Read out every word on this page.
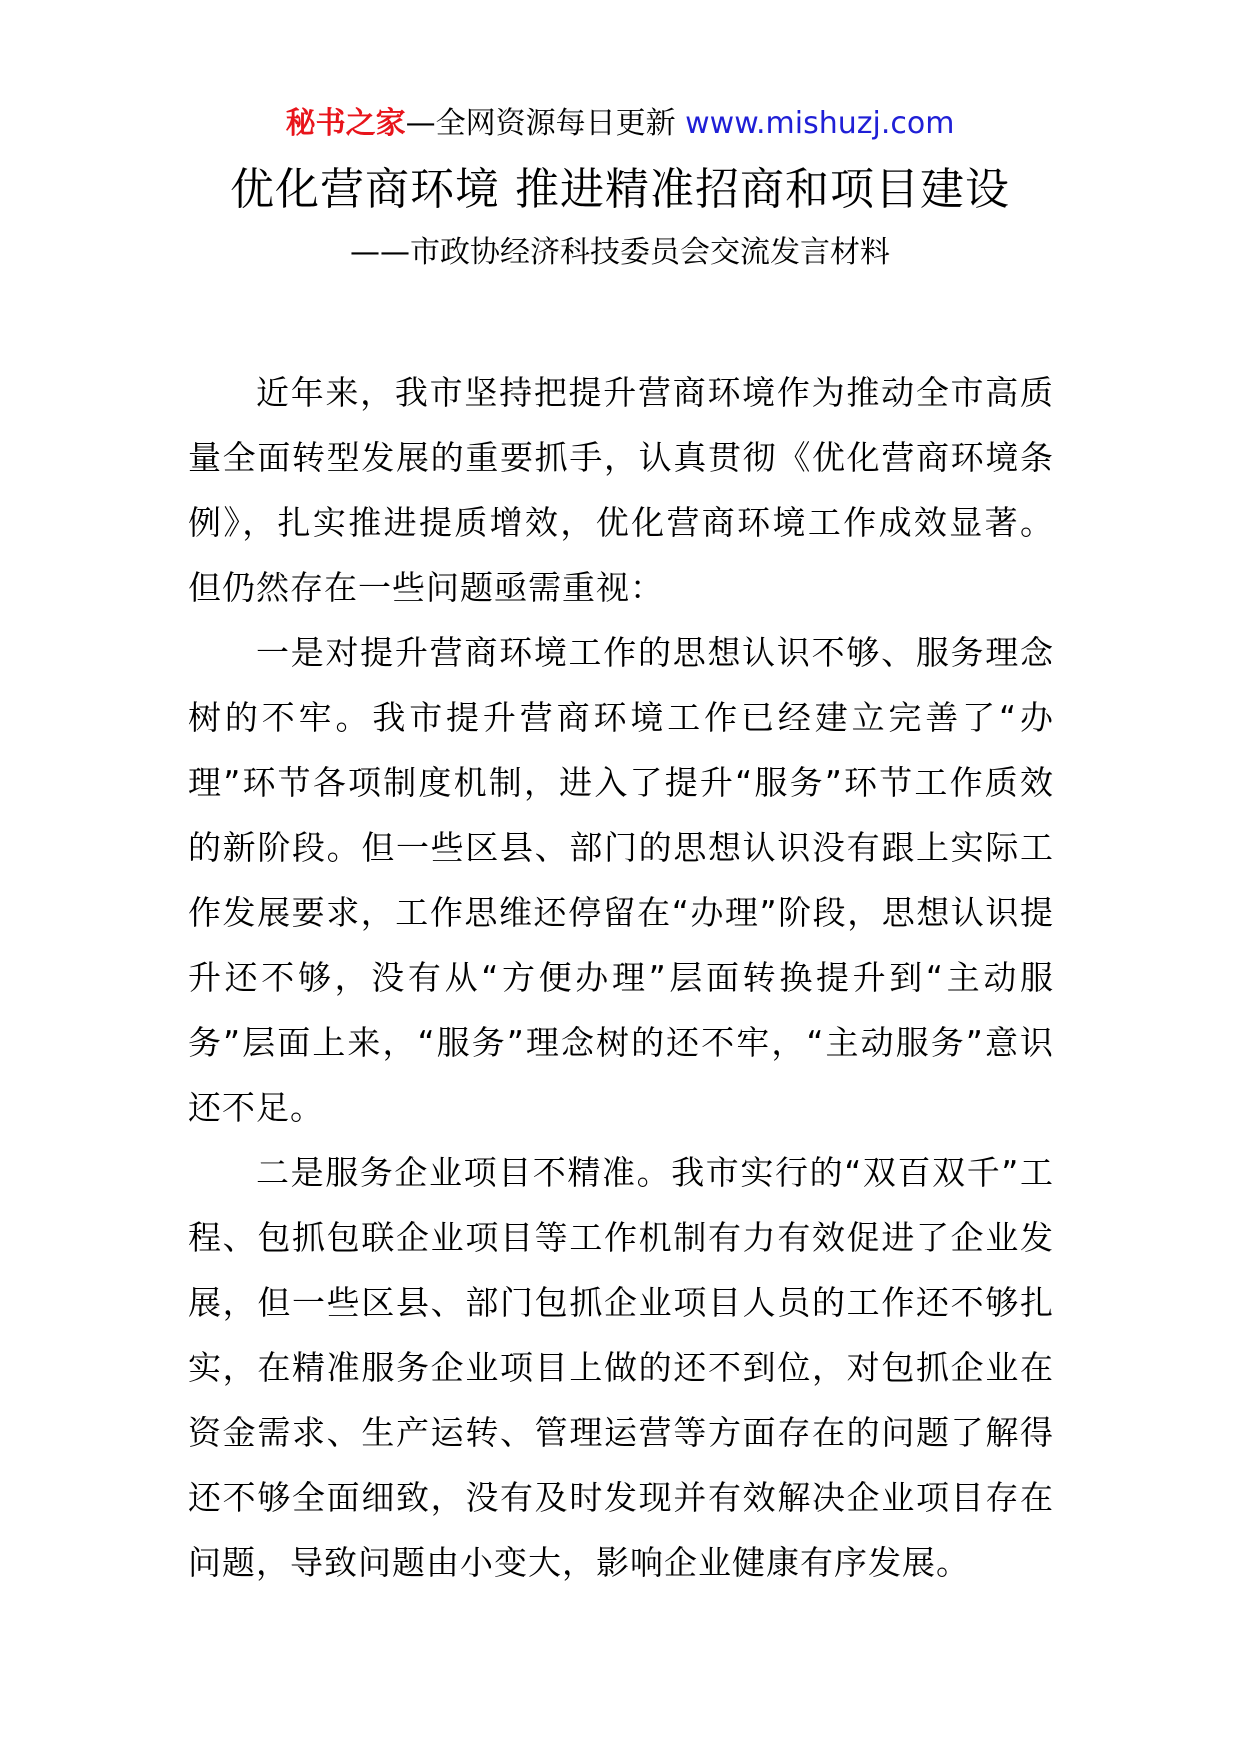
秘书之家—全网资源每日更新 www.mishuzj.com
优化营商环境 推进精准招商和项目建设
——市政协经济科技委员会交流发言材料

近年来，我市坚持把提升营商环境作为推动全市高质量全面转型发展的重要抓手，认真贯彻《优化营商环境条例》，扎实推进提质增效，优化营商环境工作成效显著。但仍然存在一些问题亟需重视：

一是对提升营商环境工作的思想认识不够、服务理念树的不牢。我市提升营商环境工作已经建立完善了“办理”环节各项制度机制，进入了提升“服务”环节工作质效的新阶段。但一些区县、部门的思想认识没有跟上实际工作发展要求，工作思维还停留在“办理”阶段，思想认识提升还不够，没有从“方便办理”层面转换提升到“主动服务”层面上来，“服务”理念树的还不牢，“主动服务”意识还不足。

二是服务企业项目不精准。我市实行的“双百双千”工程、包抓包联企业项目等工作机制有力有效促进了企业发展，但一些区县、部门包抓企业项目人员的工作还不够扎实，在精准服务企业项目上做的还不到位，对包抓企业在资金需求、生产运转、管理运营等方面存在的问题了解得还不够全面细致，没有及时发现并有效解决企业项目存在问题，导致问题由小变大，影响企业健康有序发展。
